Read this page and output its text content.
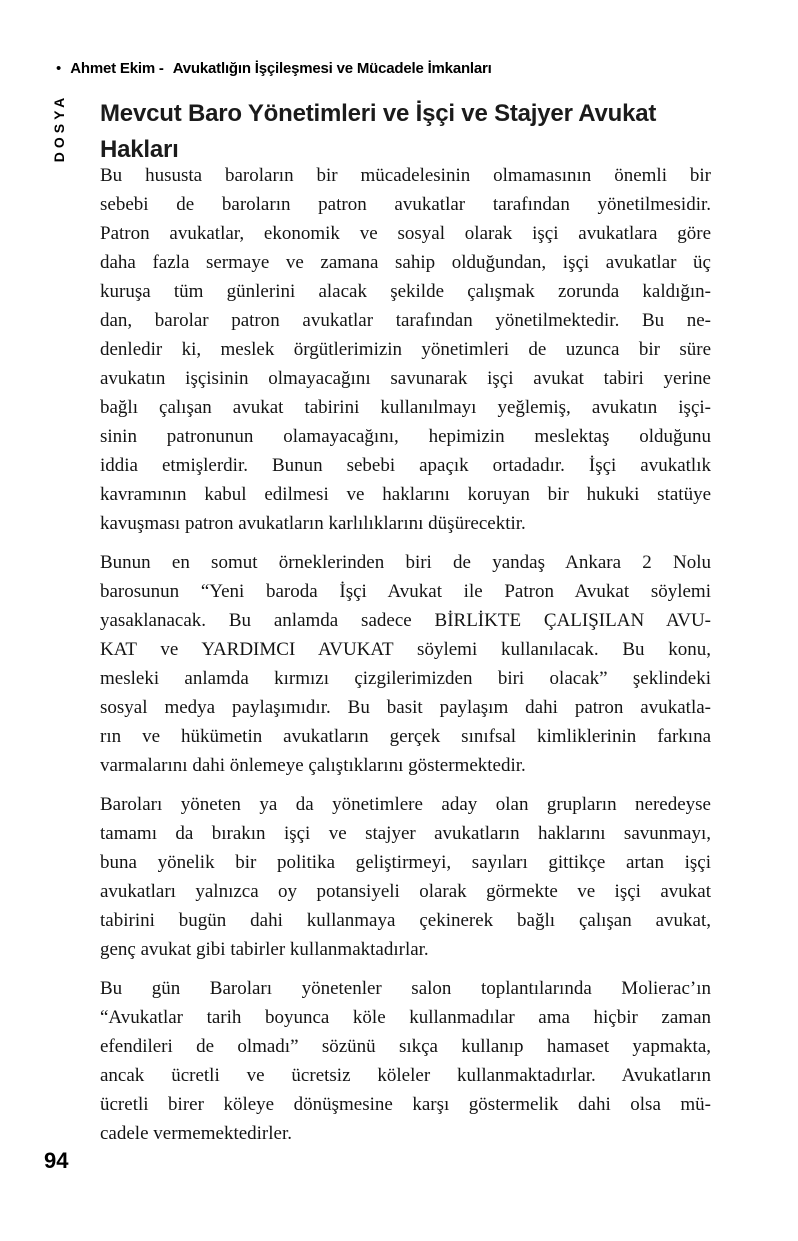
• Ahmet Ekim - Avukatlığın İşçileşmesi ve Mücadele İmkanları
DOSYA Mevcut Baro Yönetimleri ve İşçi ve Stajyer Avukat
Hakları
Bu hususta baroların bir mücadelesinin olmamasının önemli bir
sebebi de baroların patron avukatlar tarafından yönetilmesidir.
Patron avukatlar, ekonomik ve sosyal olarak işçi avukatlara göre
daha fazla sermaye ve zamana sahip olduğundan, işçi avukatlar üç
kuruşa tüm günlerini alacak şekilde çalışmak zorunda kaldığın-
dan, barolar patron avukatlar tarafından yönetilmektedir. Bu ne-
denledir ki, meslek örgütlerimizin yönetimleri de uzunca bir süre
avukatın işçisinin olmayacağını savunarak işçi avukat tabiri yerine
bağlı çalışan avukat tabirini kullanılmayı yeğlemiş, avukatın işçi-
sinin patronunun olamayacağını, hepimizin meslektaş olduğunu
iddia etmişlerdir. Bunun sebebi apaçık ortadadır. İşçi avukatlık
kavramının kabul edilmesi ve haklarını koruyan bir hukuki statüye
kavuşması patron avukatların karlılıklarını düşürecektir.
Bunun en somut örneklerinden biri de yandaş Ankara 2 Nolu
barosunun “Yeni baroda İşçi Avukat ile Patron Avukat söylemi
yasaklanacak. Bu anlamda sadece BİRLİKTE ÇALIŞILAN AVU-
KAT ve YARDIMCI AVUKAT söylemi kullanılacak. Bu konu,
mesleki anlamda kırmızı çizgilerimizden biri olacak” şeklindeki
sosyal medya paylaşımıdır. Bu basit paylaşım dahi patron avukatla-
rın ve hükümetin avukatların gerçek sınıfsal kimliklerinin farkına
varmalarını dahi önlemeye çalıştıklarını göstermektedir.
Baroları yöneten ya da yönetimlere aday olan grupların neredeyse
tamamı da bırakın işçi ve stajyer avukatların haklarını savunmayı,
buna yönelik bir politika geliştirmeyi, sayıları gittikçe artan işçi
avukatları yalnızca oy potansiyeli olarak görmekte ve işçi avukat
tabirini bugün dahi kullanmaya çekinerek bağlı çalışan avukat,
genç avukat gibi tabirler kullanmaktadırlar.
Bu gün Baroları yönetenler salon toplantılarında Molierac’ın
“Avukatlar tarih boyunca köle kullanmadılar ama hiçbir zaman
efendileri de olmadı” sözünü sıkça kullanıp hamaset yapmakta,
ancak ücretli ve ücretsiz köleler kullanmaktadırlar. Avukatların
ücretli birer köleye dönüşmesine karşı göstermelik dahi olsa mü-
cadele vermemektedirler.
94
